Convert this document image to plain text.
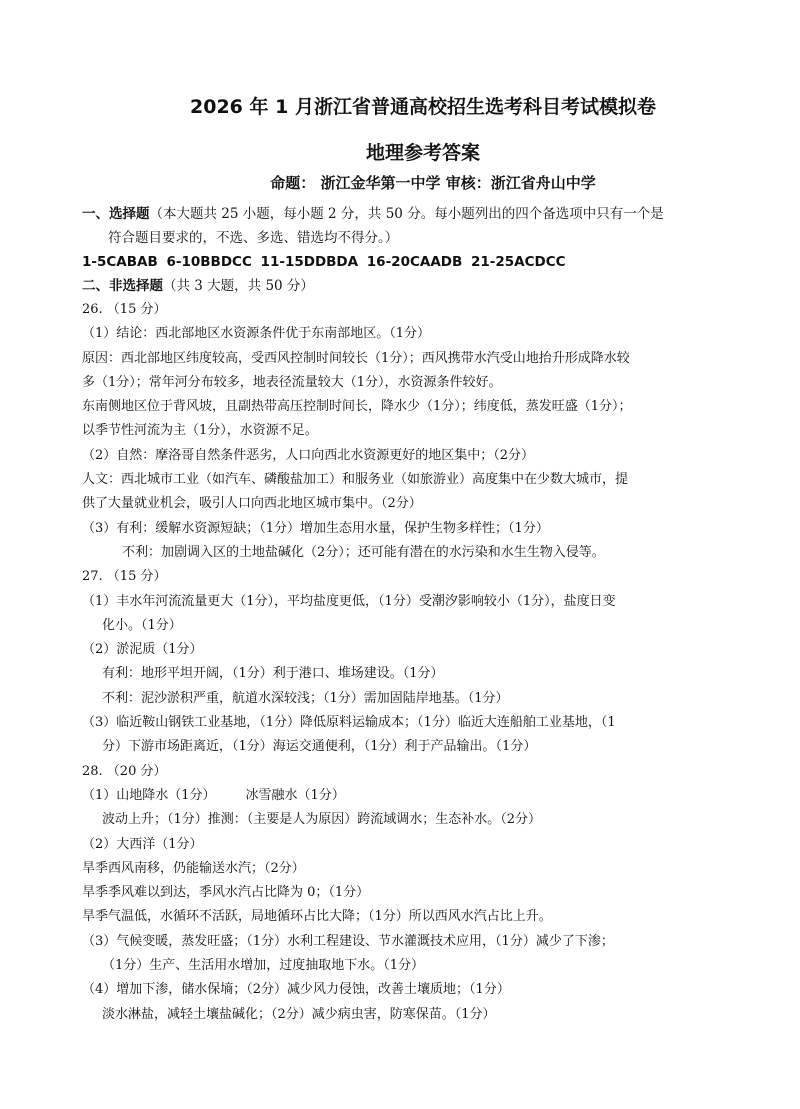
2026 年 1 月浙江省普通高校招生选考科目考试模拟卷
地理参考答案
命题： 浙江金华第一中学 审核：浙江省舟山中学
一、选择题（本大题共 25 小题，每小题 2 分，共 50 分。每小题列出的四个备选项中只有一个是
符合题目要求的，不选、多选、错选均不得分。）
1-5CABAB 6-10BBDCC 11-15DDBDA 16-20CAADB 21-25ACDCC
二、非选择题（共 3 大题，共 50 分）
26. （15 分）
（1）结论：西北部地区水资源条件优于东南部地区。（1分）
原因：西北部地区纬度较高，受西风控制时间较长（1分）；西风携带水汽受山地抬升形成降水较
多（1分）；常年河分布较多，地表径流量较大（1分），水资源条件较好。
东南侧地区位于背风坡，且副热带高压控制时间长，降水少（1分）；纬度低，蒸发旺盛（1分）；
以季节性河流为主（1分），水资源不足。
（2）自然：摩洛哥自然条件恶劣，人口向西北水资源更好的地区集中；（2分）
人文：西北城市工业（如汽车、磷酸盐加工）和服务业（如旅游业）高度集中在少数大城市，提
供了大量就业机会，吸引人口向西北地区城市集中。（2分）
（3）有利：缓解水资源短缺；（1分）增加生态用水量，保护生物多样性；（1分）
不利：加剧调入区的土地盐碱化（2分）；还可能有潜在的水污染和水生生物入侵等。
27. （15 分）
（1）丰水年河流流量更大（1分），平均盐度更低，（1分）受潮汐影响较小（1分），盐度日变
化小。（1分）
（2）淤泥质（1分）
有利：地形平坦开阔，（1分）利于港口、堆场建设。（1分）
不利：泥沙淤积严重，航道水深较浅；（1分）需加固陆岸地基。（1分）
（3）临近鞍山钢铁工业基地，（1分）降低原料运输成本；（1分）临近大连船舶工业基地，（1
分）下游市场距离近，（1分）海运交通便利，（1分）利于产品输出。（1分）
28. （20 分）
（1）山地降水（1分） 冰雪融水（1分）
波动上升；（1分）推测：（主要是人为原因）跨流域调水；生态补水。（2分）
（2）大西洋（1分）
旱季西风南移，仍能输送水汽；（2分）
旱季季风难以到达，季风水汽占比降为 0；（1分）
旱季气温低，水循环不活跃，局地循环占比大降；（1分）所以西风水汽占比上升。
（3）气候变暖，蒸发旺盛；（1分）水利工程建设、节水灌溉技术应用，（1分）减少了下渗；
（1分）生产、生活用水增加，过度抽取地下水。（1分）
（4）增加下渗，储水保墒；（2分）减少风力侵蚀，改善土壤质地；（1分）
淡水淋盐，减轻土壤盐碱化；（2分）减少病虫害，防寒保苗。（1分）
